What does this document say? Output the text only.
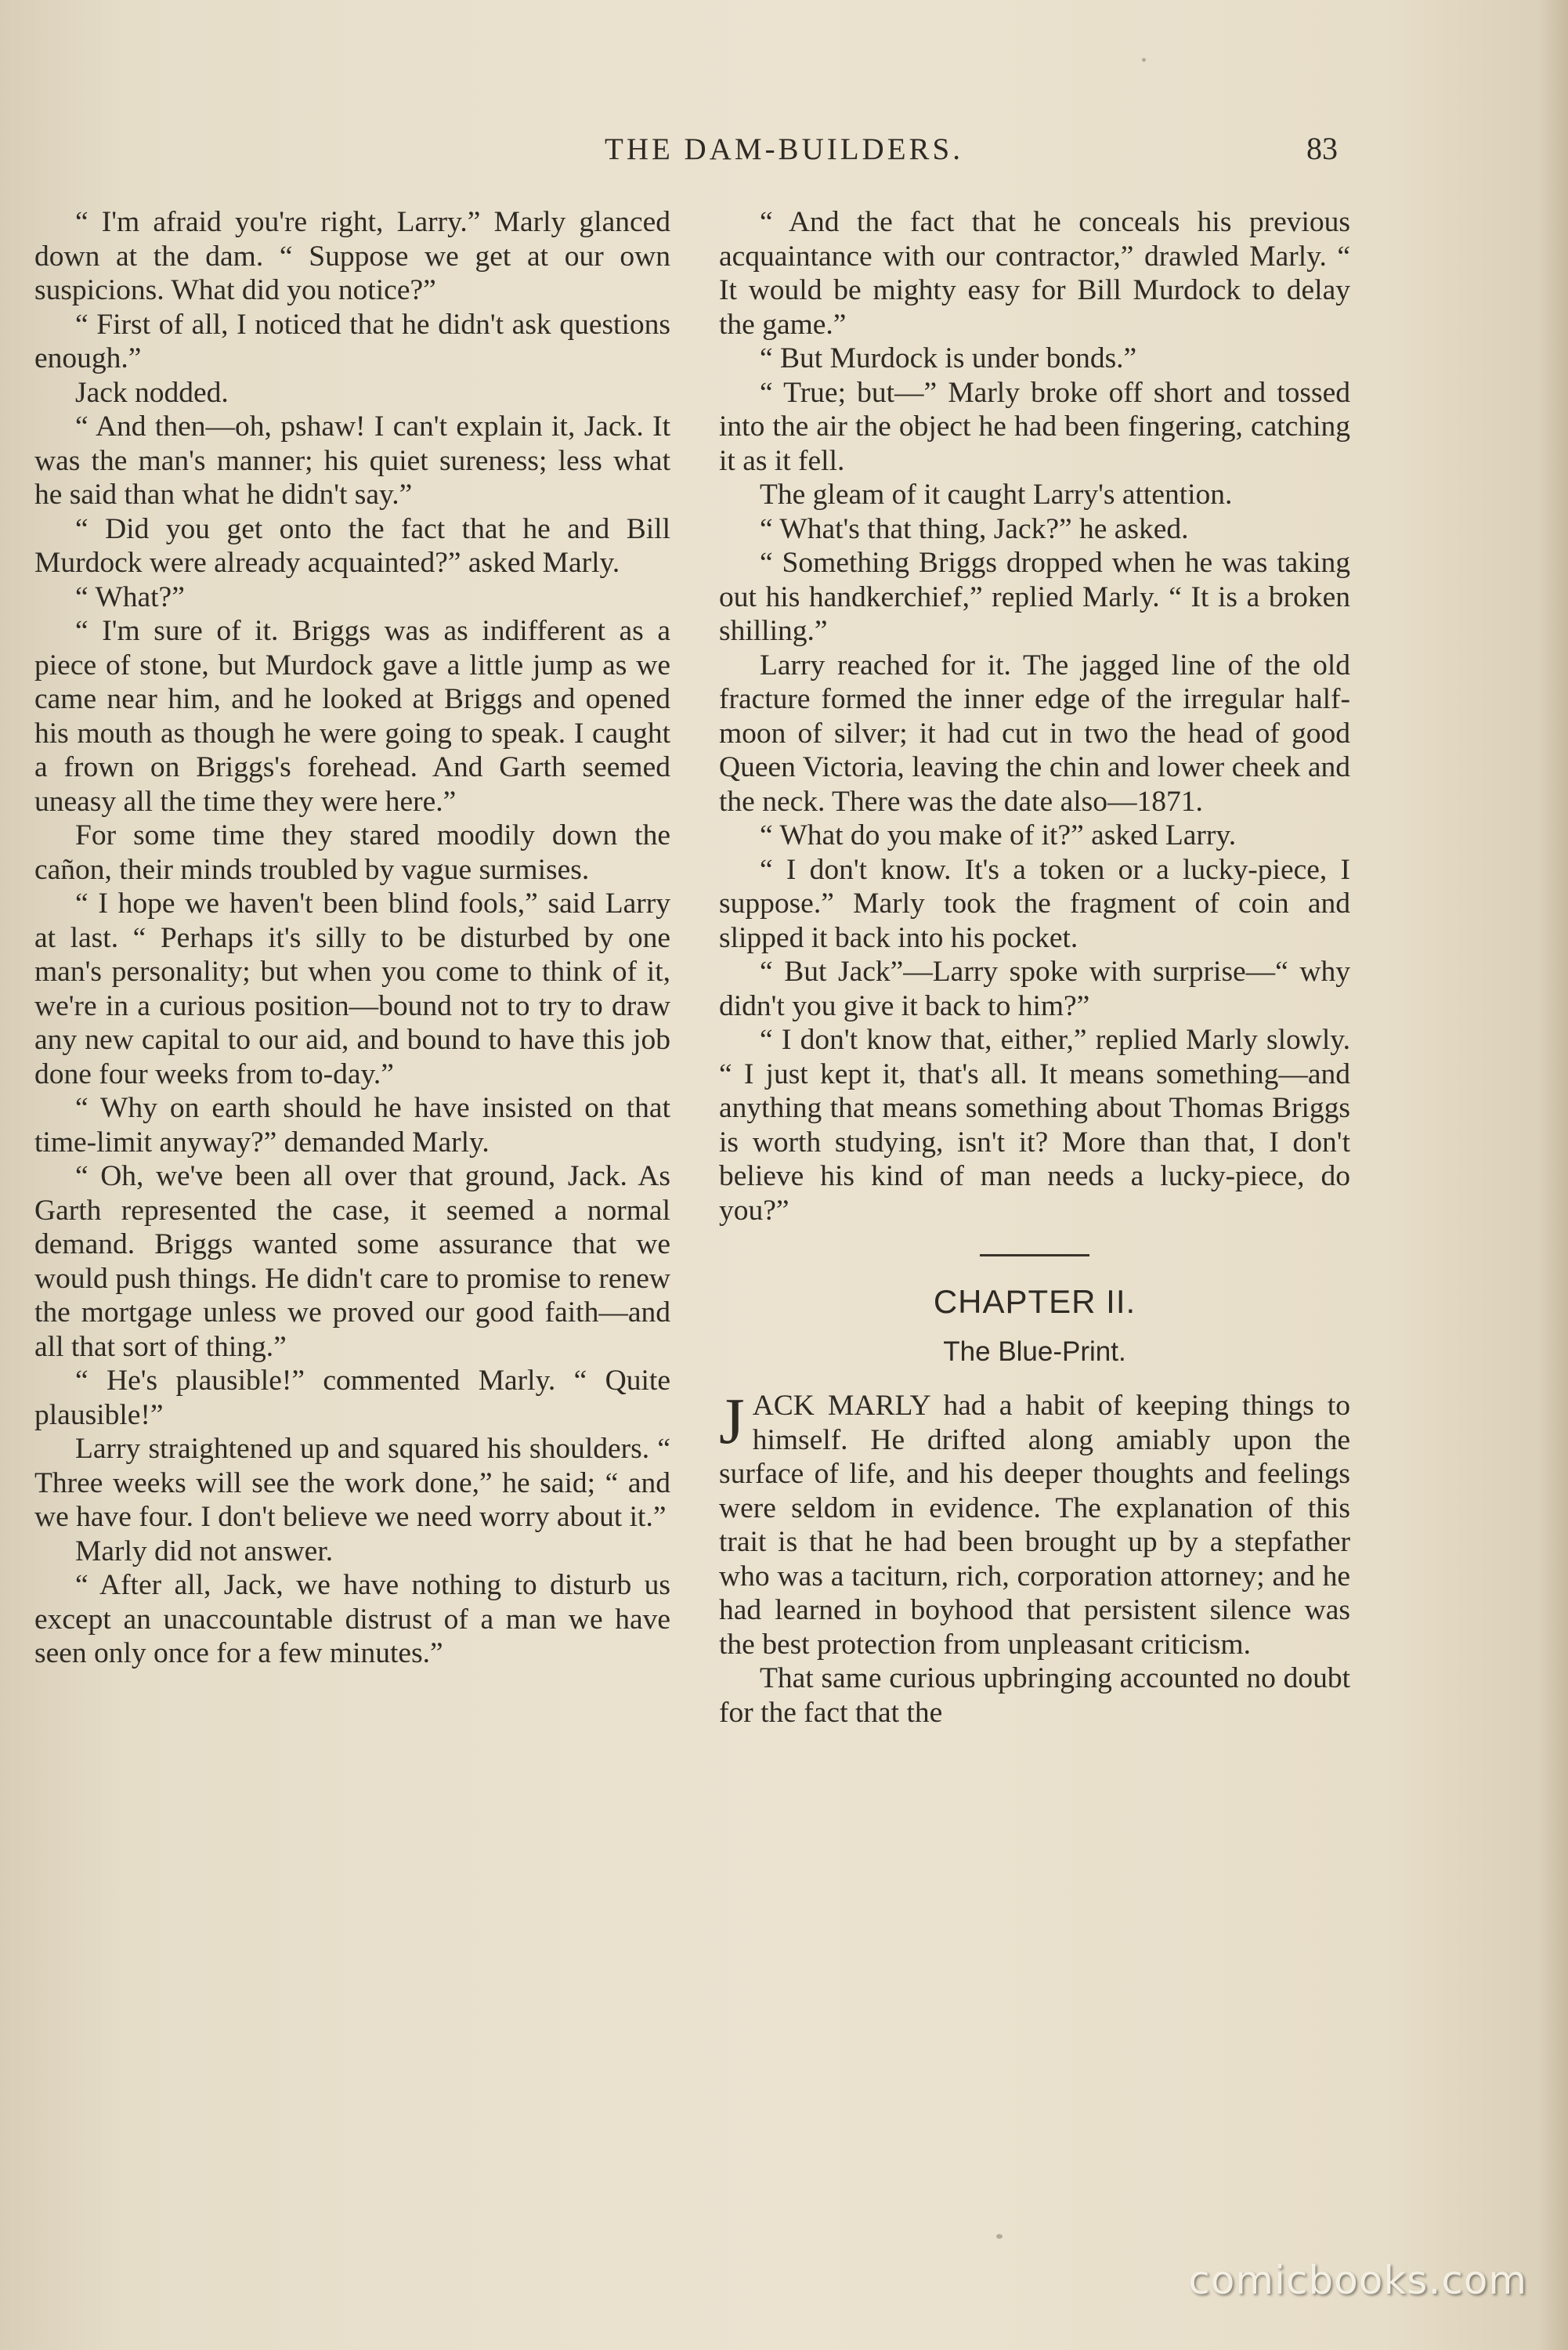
THE DAM-BUILDERS.	83

“ I'm afraid you're right, Larry.” Marly glanced down at the dam. “ Suppose we get at our own suspicions. What did you notice?”

“ First of all, I noticed that he didn't ask questions enough.”

Jack nodded.

“ And then—oh, pshaw! I can't explain it, Jack. It was the man's manner; his quiet sureness; less what he said than what he didn't say.”

“ Did you get onto the fact that he and Bill Murdock were already acquainted?” asked Marly.

“ What?”

“ I'm sure of it. Briggs was as indifferent as a piece of stone, but Murdock gave a little jump as we came near him, and he looked at Briggs and opened his mouth as though he were going to speak. I caught a frown on Briggs's forehead. And Garth seemed uneasy all the time they were here.”

For some time they stared moodily down the cañon, their minds troubled by vague surmises.

“ I hope we haven't been blind fools,” said Larry at last. “ Perhaps it's silly to be disturbed by one man's personality; but when you come to think of it, we're in a curious position—bound not to try to draw any new capital to our aid, and bound to have this job done four weeks from to-day.”

“ Why on earth should he have insisted on that time-limit anyway?” demanded Marly.

“ Oh, we've been all over that ground, Jack. As Garth represented the case, it seemed a normal demand. Briggs wanted some assurance that we would push things. He didn't care to promise to renew the mortgage unless we proved our good faith—and all that sort of thing.”

“ He's plausible!” commented Marly. “ Quite plausible!”

Larry straightened up and squared his shoulders. “ Three weeks will see the work done,” he said; “ and we have four. I don't believe we need worry about it.”

Marly did not answer.

“ After all, Jack, we have nothing to disturb us except an unaccountable distrust of a man we have seen only once for a few minutes.”

“ And the fact that he conceals his previous acquaintance with our contractor,” drawled Marly. “ It would be mighty easy for Bill Murdock to delay the game.”

“ But Murdock is under bonds.”

“ True; but—” Marly broke off short and tossed into the air the object he had been fingering, catching it as it fell.

The gleam of it caught Larry's attention.

“ What's that thing, Jack?” he asked.

“ Something Briggs dropped when he was taking out his handkerchief,” replied Marly. “ It is a broken shilling.”

Larry reached for it. The jagged line of the old fracture formed the inner edge of the irregular half-moon of silver; it had cut in two the head of good Queen Victoria, leaving the chin and lower cheek and the neck. There was the date also—1871.

“ What do you make of it?” asked Larry.

“ I don't know. It's a token or a lucky-piece, I suppose.” Marly took the fragment of coin and slipped it back into his pocket.

“ But Jack”—Larry spoke with surprise—“ why didn't you give it back to him?”

“ I don't know that, either,” replied Marly slowly. “ I just kept it, that's all. It means something—and anything that means something about Thomas Briggs is worth studying, isn't it? More than that, I don't believe his kind of man needs a lucky-piece, do you?”

CHAPTER II.
The Blue-Print.

JACK MARLY had a habit of keeping things to himself. He drifted along amiably upon the surface of life, and his deeper thoughts and feelings were seldom in evidence. The explanation of this trait is that he had been brought up by a stepfather who was a taciturn, rich, corporation attorney; and he had learned in boyhood that persistent silence was the best protection from unpleasant criticism.

That same curious upbringing accounted no doubt for the fact that the

comicbooks.com
